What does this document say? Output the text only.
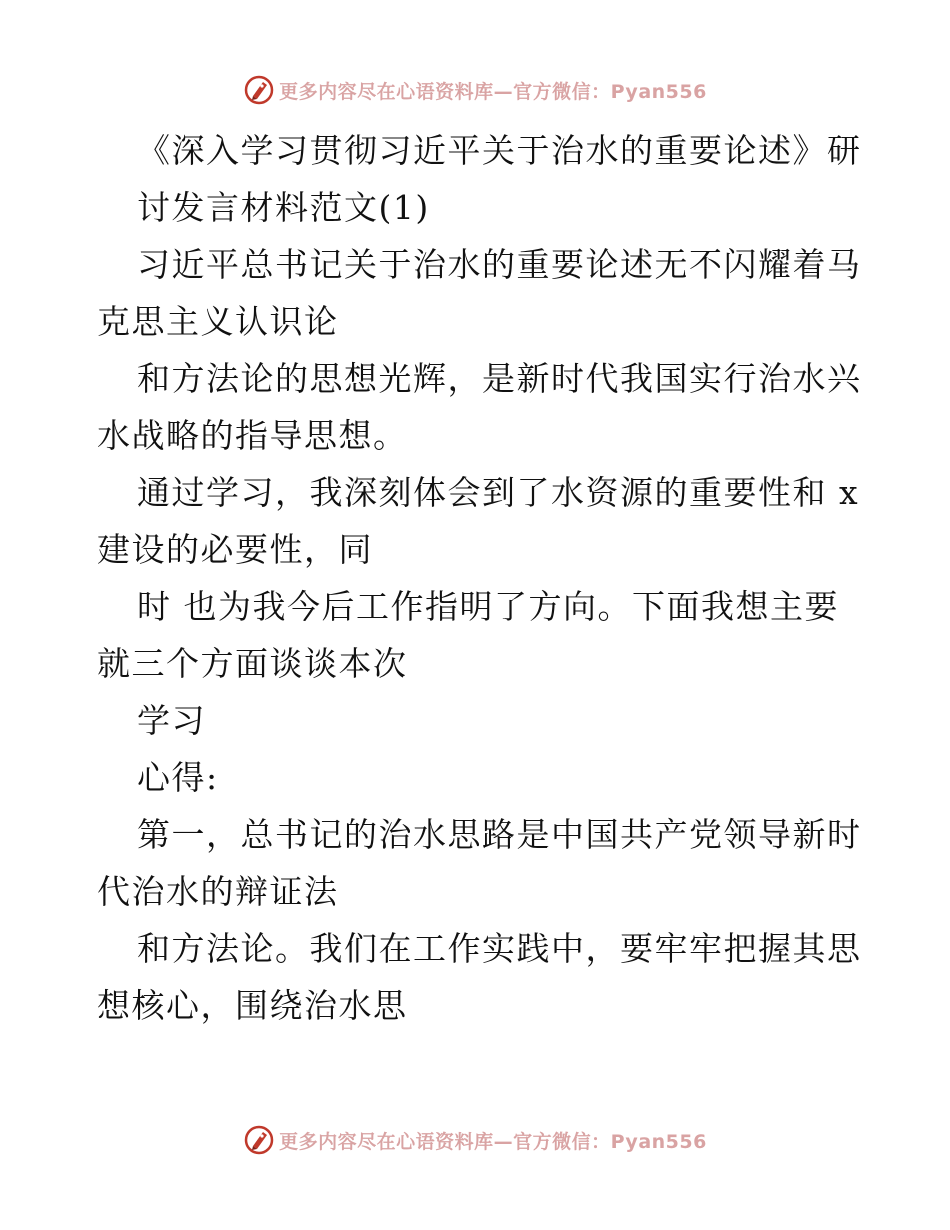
更多内容尽在心语资料库—官方微信：Pyan556
《深入学习贯彻习近平关于治水的重要论述》研
讨发言材料范文(1)
习近平总书记关于治水的重要论述无不闪耀着马
克思主义认识论
和方法论的思想光辉，是新时代我国实行治水兴
水战略的指导思想。
通过学习，我深刻体会到了水资源的重要性和 x
建设的必要性，同
时 也为我今后工作指明了方向。下面我想主要
就三个方面谈谈本次
学习
心得:
第一，总书记的治水思路是中国共产党领导新时
代治水的辩证法
和方法论。我们在工作实践中，要牢牢把握其思
想核心，围绕治水思
更多内容尽在心语资料库—官方微信：Pyan556
